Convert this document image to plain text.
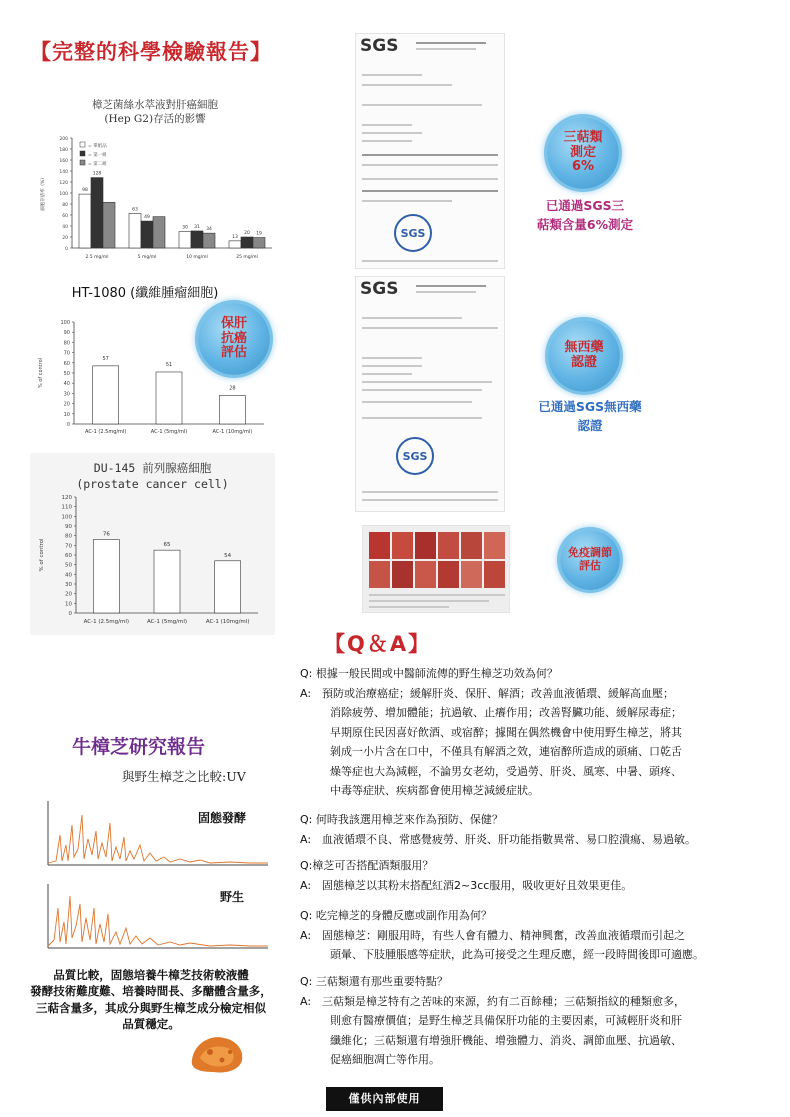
【完整的科學檢驗報告】
樟芝菌絲水萃液對肝癌細胞
(Hep G2)存活的影響
0
20
40
60
80
100
120
140
160
180
200
細胞存活率（%）	98
128
2.5 mg/ml
63
49
5 mg/ml
30 31 34
10 mg/ml
13
20 19
25 mg/ml
= 單紙品
= 第一組
= 第二組
HT-1080 (纖維腫瘤細胞)
0
10
20
30
40
50
60
70
80
90
100
% of control	57
AC-1 (2.5mg/ml)
51
AC-1 (5mg/ml)
28
AC-1 (10mg/ml)
DU-145 前列腺癌細胞
(prostate cancer cell)
0
10
20
30
40
50
60
70
80
90
100
110
120
% of control
76
AC-1 (2.5mg/ml)
65
AC-1 (5mg/ml)
54
AC-1 (10mg/ml)
SGS
SGS
SGS
SGS
三萜類
測定
6%
已通過SGS三
萜類含量6%測定
無西藥
認證
已通過SGS無西藥
認證
保肝
抗癌
評估
免疫調節
評估
牛樟芝研究報告
與野生樟芝之比較:UV
固態發酵
野生
品質比較，固態培養牛樟芝技術較液體
發酵技術難度難、培養時間長、多醣體含量多，
三萜含量多，其成分與野生樟芝成分檢定相似
品質穩定。
【Q＆A】
Q: 根據一般民間或中醫師流傳的野生樟芝功效為何？
A: 預防或治療癌症；緩解肝炎、保肝、解酒；改善血液循環、緩解高血壓；

消除疲勞、增加體能；抗過敏、止癢作用；改善腎臟功能、緩解尿毒症；
早期原住民因喜好飲酒、或宿醉；據聞在偶然機會中使用野生樟芝，將其
剝成一小片含在口中，不僅具有解酒之效，連宿醉所造成的頭痛、口乾舌
燥等症也大為減輕，不論男女老幼，受過勞、肝炎、風寒、中暑、頭疼、
中毒等症狀、疾病都會使用樟芝減緩症狀。
Q: 何時我該選用樟芝來作為預防、保健？
A: 血液循環不良、常感覺疲勞、肝炎、肝功能指數異常、易口腔潰瘍、易過敏。
Q:樟芝可否搭配酒類服用？
A: 固態樟芝以其粉末搭配紅酒2~3cc服用，吸收更好且效果更佳。
Q: 吃完樟芝的身體反應或副作用為何？
A: 固態樟芝：剛服用時，有些人會有體力、精神興奮，改善血液循環而引起之

頭暈、下肢腫脹感等症狀，此為可接受之生理反應，經一段時間後即可適應。
Q: 三萜類還有那些重要特點？
A: 三萜類是樟芝特有之苦味的來源，約有二百餘種；三萜類指紋的種類愈多，

則愈有醫療價值；是野生樟芝具備保肝功能的主要因素，可減輕肝炎和肝
纖維化；三萜類還有增強肝機能、增強體力、消炎、調節血壓、抗過敏、
促癌細胞凋亡等作用。
僅供內部使用
